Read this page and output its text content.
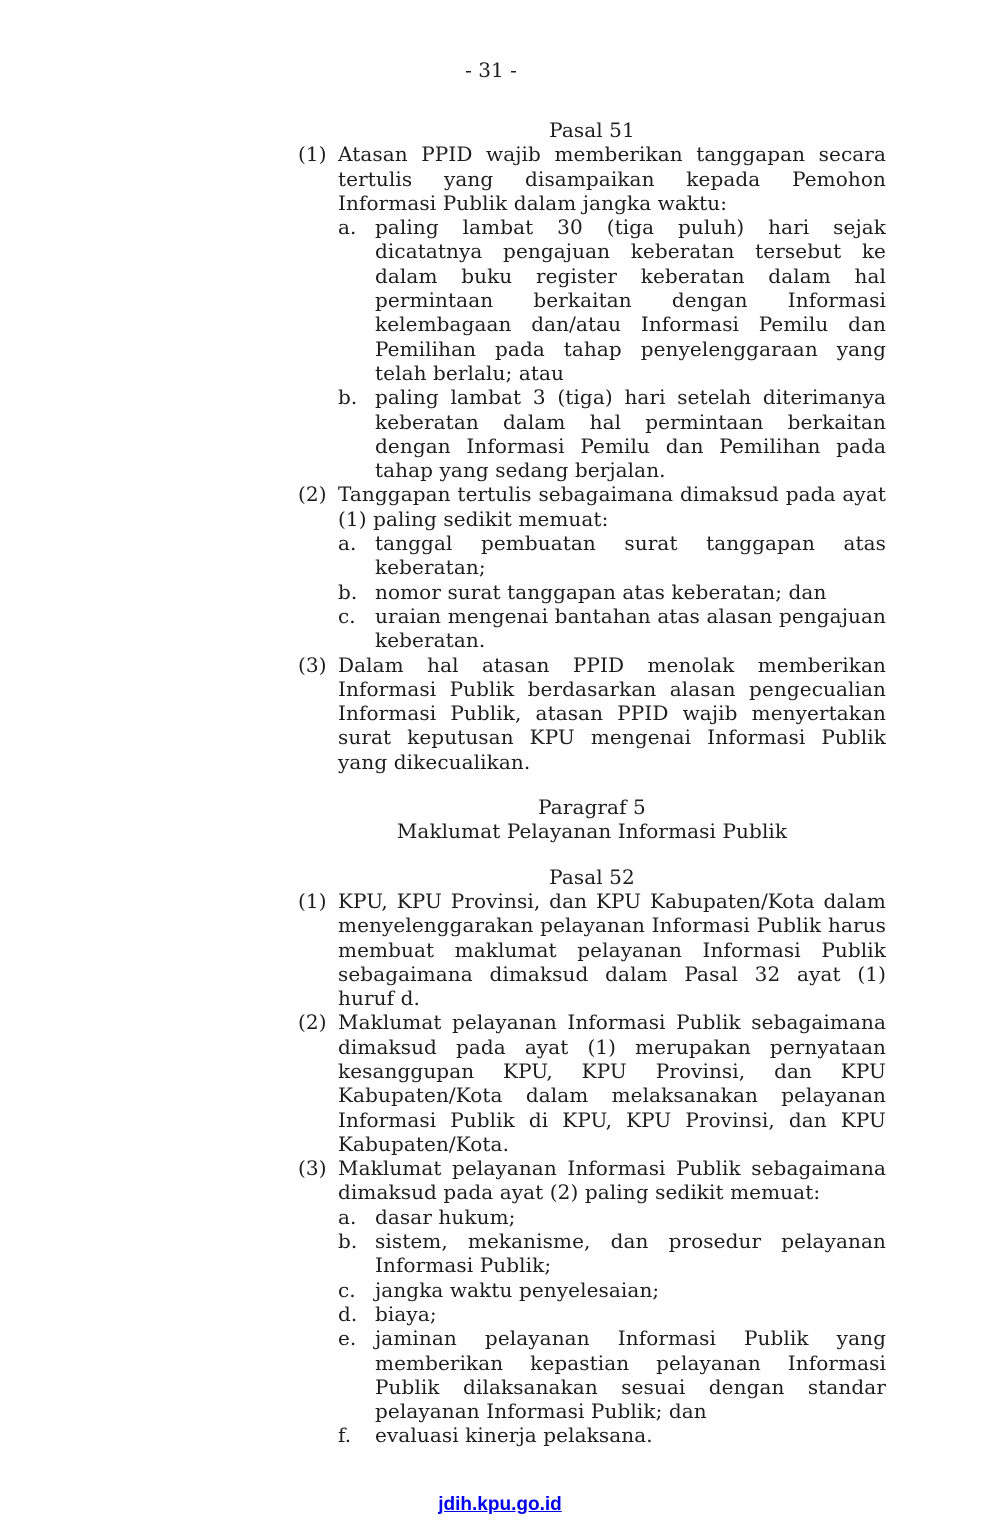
- 31 -
Pasal 51
(1) Atasan PPID wajib memberikan tanggapan secara tertulis yang disampaikan kepada Pemohon Informasi Publik dalam jangka waktu:
a. paling lambat 30 (tiga puluh) hari sejak dicatatnya pengajuan keberatan tersebut ke dalam buku register keberatan dalam hal permintaan berkaitan dengan Informasi kelembagaan dan/atau Informasi Pemilu dan Pemilihan pada tahap penyelenggaraan yang telah berlalu; atau
b. paling lambat 3 (tiga) hari setelah diterimanya keberatan dalam hal permintaan berkaitan dengan Informasi Pemilu dan Pemilihan pada tahap yang sedang berjalan.
(2) Tanggapan tertulis sebagaimana dimaksud pada ayat (1) paling sedikit memuat:
a. tanggal pembuatan surat tanggapan atas keberatan;
b. nomor surat tanggapan atas keberatan; dan
c. uraian mengenai bantahan atas alasan pengajuan keberatan.
(3) Dalam hal atasan PPID menolak memberikan Informasi Publik berdasarkan alasan pengecualian Informasi Publik, atasan PPID wajib menyertakan surat keputusan KPU mengenai Informasi Publik yang dikecualikan.
Paragraf 5
Maklumat Pelayanan Informasi Publik
Pasal 52
(1) KPU, KPU Provinsi, dan KPU Kabupaten/Kota dalam menyelenggarakan pelayanan Informasi Publik harus membuat maklumat pelayanan Informasi Publik sebagaimana dimaksud dalam Pasal 32 ayat (1) huruf d.
(2) Maklumat pelayanan Informasi Publik sebagaimana dimaksud pada ayat (1) merupakan pernyataan kesanggupan KPU, KPU Provinsi, dan KPU Kabupaten/Kota dalam melaksanakan pelayanan Informasi Publik di KPU, KPU Provinsi, dan KPU Kabupaten/Kota.
(3) Maklumat pelayanan Informasi Publik sebagaimana dimaksud pada ayat (2) paling sedikit memuat:
a. dasar hukum;
b. sistem, mekanisme, dan prosedur pelayanan Informasi Publik;
c. jangka waktu penyelesaian;
d. biaya;
e. jaminan pelayanan Informasi Publik yang memberikan kepastian pelayanan Informasi Publik dilaksanakan sesuai dengan standar pelayanan Informasi Publik; dan
f.	evaluasi kinerja pelaksana.
jdih.kpu.go.id
